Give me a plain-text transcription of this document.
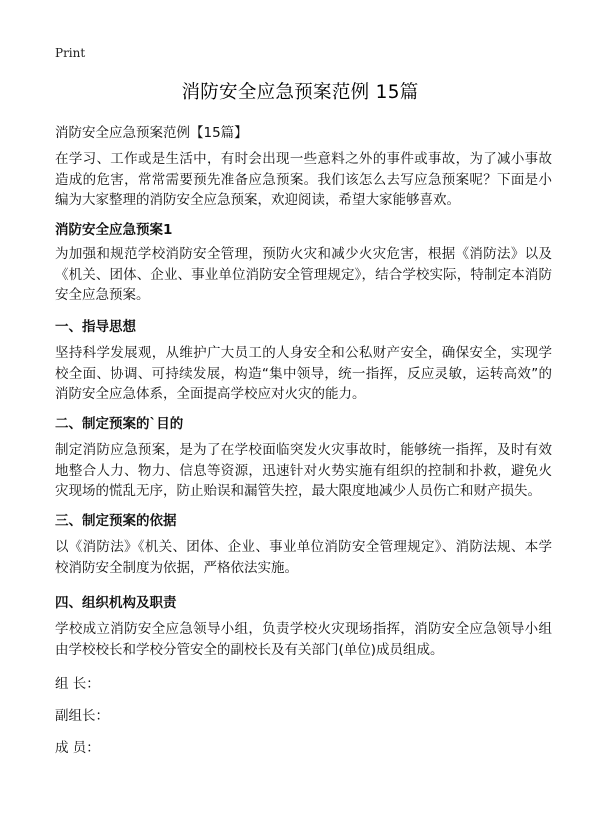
Print
消防安全应急预案范例 15篇
消防安全应急预案范例【15篇】
在学习、工作或是生活中，有时会出现一些意料之外的事件或事故，为了减小事故造成的危害，常常需要预先准备应急预案。我们该怎么去写应急预案呢？下面是小编为大家整理的消防安全应急预案，欢迎阅读，希望大家能够喜欢。
消防安全应急预案1
为加强和规范学校消防安全管理，预防火灾和减少火灾危害，根据《消防法》以及《机关、团体、企业、事业单位消防安全管理规定》，结合学校实际，特制定本消防安全应急预案。
一、指导思想
坚持科学发展观，从维护广大员工的人身安全和公私财产安全，确保安全，实现学校全面、协调、可持续发展，构造“集中领导，统一指挥，反应灵敏，运转高效”的消防安全应急体系，全面提高学校应对火灾的能力。
二、制定预案的`目的
制定消防应急预案，是为了在学校面临突发火灾事故时，能够统一指挥，及时有效地整合人力、物力、信息等资源，迅速针对火势实施有组织的控制和扑救，避免火灾现场的慌乱无序，防止贻误和漏管失控，最大限度地减少人员伤亡和财产损失。
三、制定预案的依据
以《消防法》《机关、团体、企业、事业单位消防安全管理规定》、消防法规、本学校消防安全制度为依据，严格依法实施。
四、组织机构及职责
学校成立消防安全应急领导小组，负责学校火灾现场指挥，消防安全应急领导小组由学校校长和学校分管安全的副校长及有关部门(单位)成员组成。
组 长：
副组长：
成 员：
